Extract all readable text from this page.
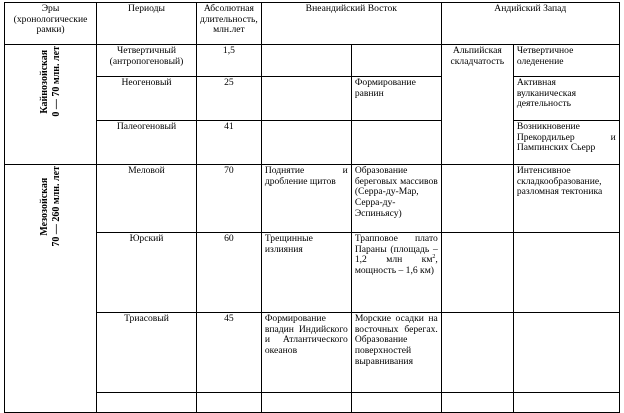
Эры (хронологические рамки)	Периоды	Абсолютная длительность, млн.лет	Внеандийский Восток		Андийский Запад	
Кайнозойская
0 — 70 млн. лет	Четвертичный (антропогеновый)	1,5			Альпийская складчатость	Четвертичное оледенение
	Неогеновый	25		Формирование равнин		Активная вулканическая деятельность
	Палеогеновый	41				Возникновение Прекордильер и Пампинских Сьерр
Мезозойская
70 — 260 млн. лет	Меловой	70	Поднятие и дробление щитов	Образование береговых массивов (Серра-ду-Мар, Серра-ду-Эспиньясу)		Интенсивное складкообразование, разломная тектоника
	Юрский	60	Трещинные излияния	Трапповое плато Параны (площадь – 1,2 млн $км^2$, мощность – 1,6 км)		
	Триасовый	45	Формирование впадин Индийского и Атлантического океанов	Морские осадки на восточных берегах. Образование поверхностей выравнивания		
